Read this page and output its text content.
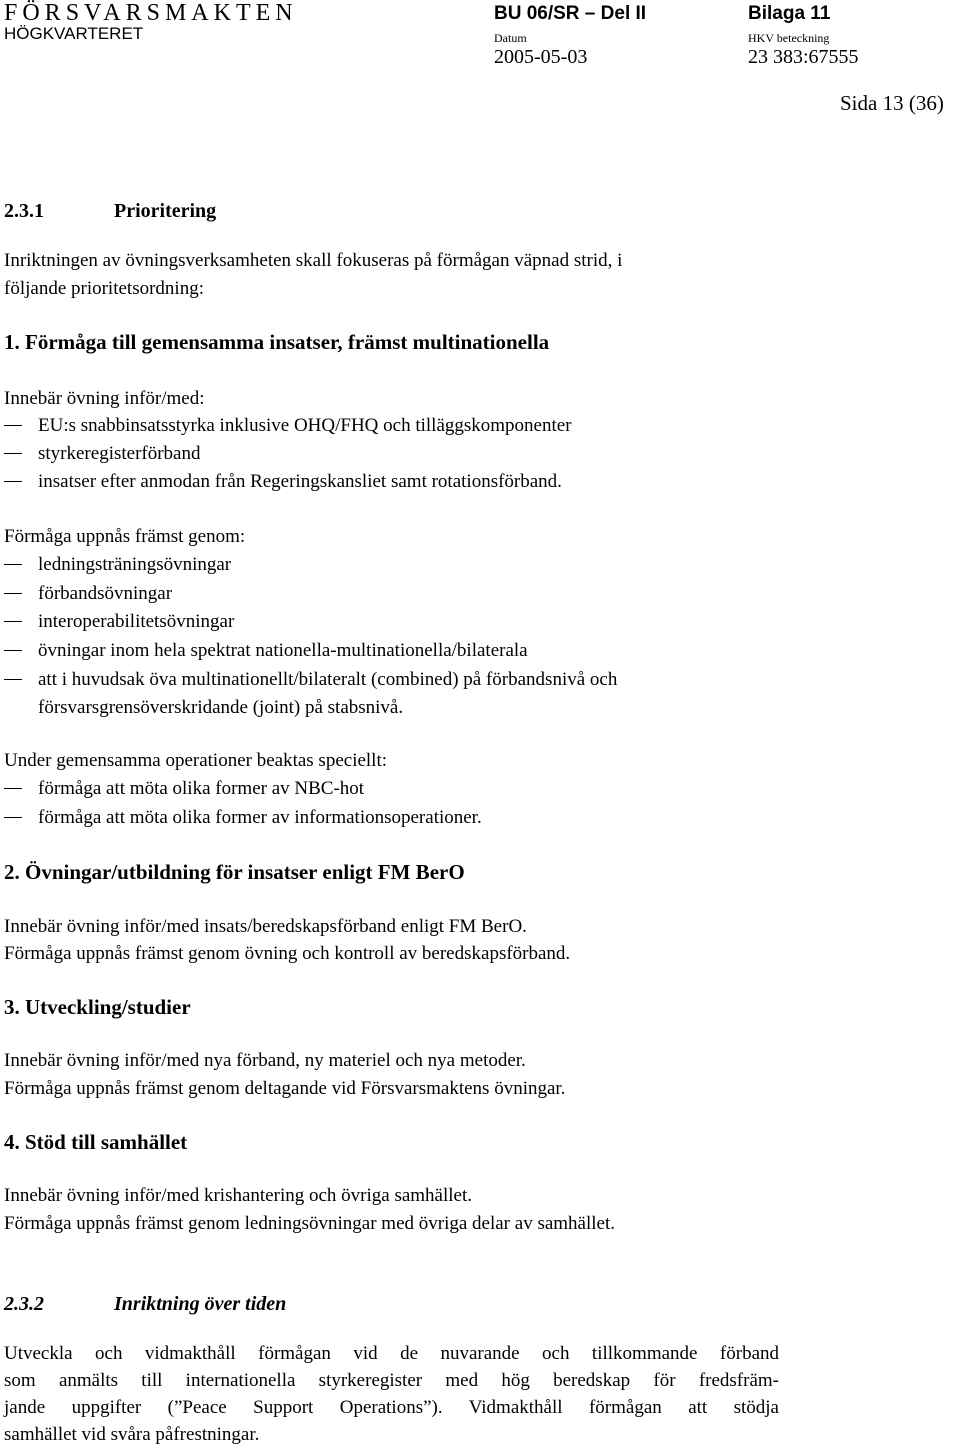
FÖRSVARSMAKTEN
HÖGKVARTERET
BU 06/SR – Del II	Bilaga 11
Datum	HKV beteckning
2005-05-03	23 383:67555
Sida 13 (36)
2.3.1	Prioritering
Inriktningen av övningsverksamheten skall fokuseras på förmågan väpnad strid, i
följande prioritetsordning:
1. Förmåga till gemensamma insatser, främst multinationella
Innebär övning inför/med:
EU:s snabbinsatsstyrka inklusive OHQ/FHQ och tilläggskomponenter
styrkeregisterförband
insatser efter anmodan från Regeringskansliet samt rotationsförband.
Förmåga uppnås främst genom:
ledningsträningsövningar
förbandsövningar
interoperabilitetsövningar
övningar inom hela spektrat nationella-multinationella/bilaterala
att i huvudsak öva multinationellt/bilateralt (combined) på förbandsnivå och
försvarsgrensöverskridande (joint) på stabsnivå.
Under gemensamma operationer beaktas speciellt:
förmåga att möta olika former av NBC-hot
förmåga att möta olika former av informationsoperationer.
2. Övningar/utbildning för insatser enligt FM BerO
Innebär övning inför/med insats/beredskapsförband enligt FM BerO.
Förmåga uppnås främst genom övning och kontroll av beredskapsförband.
3. Utveckling/studier
Innebär övning inför/med nya förband, ny materiel och nya metoder.
Förmåga uppnås främst genom deltagande vid Försvarsmaktens övningar.
4. Stöd till samhället
Innebär övning inför/med krishantering och övriga samhället.
Förmåga uppnås främst genom ledningsövningar med övriga delar av samhället.
2.3.2	Inriktning över tiden
Utveckla och vidmakthåll förmågan vid de nuvarande och tillkommande förband
som anmälts till internationella styrkeregister med hög beredskap för fredsfräm-
jande uppgifter (”Peace Support Operations”). Vidmakthåll förmågan att stödja
samhället vid svåra påfrestningar.
